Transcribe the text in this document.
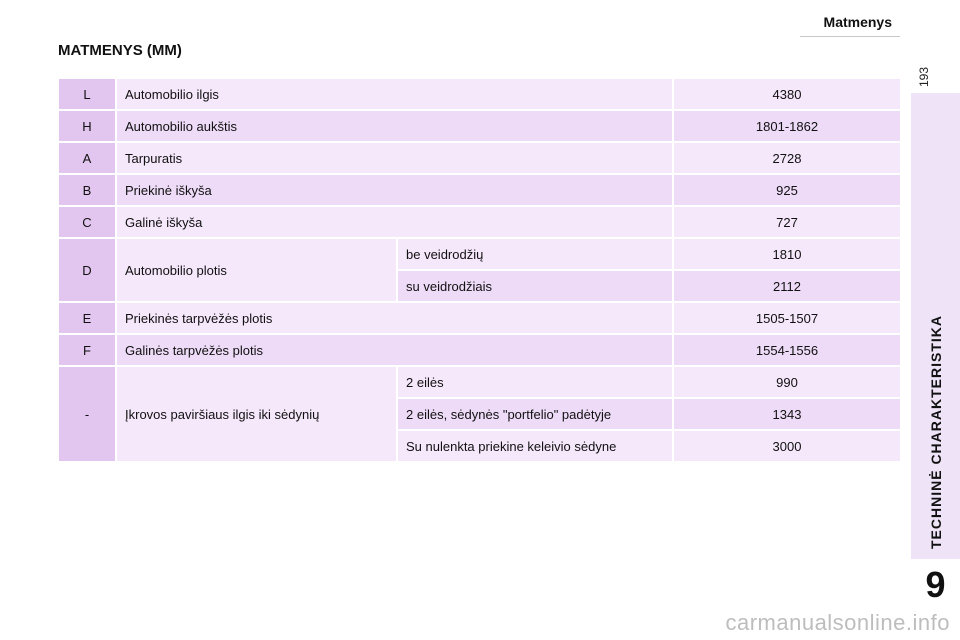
Matmenys
193
TECHNINĖ CHARAKTERISTIKA
9
MATMENYS (MM)
L	Automobilio ilgis		4380
H	Automobilio aukštis		1801-1862
A	Tarpuratis		2728
B	Priekinė iškyša		925
C	Galinė iškyša		727
D	Automobilio plotis	be veidrodžių	1810
		su veidrodžiais	2112
E	Priekinės tarpvėžės plotis		1505-1507
F	Galinės tarpvėžės plotis		1554-1556
-	Įkrovos paviršiaus ilgis iki sėdynių	2 eilės	990
		2 eilės, sėdynės "portfelio" padėtyje	1343
		Su nulenkta priekine keleivio sėdyne	3000
carmanualsonline.info
